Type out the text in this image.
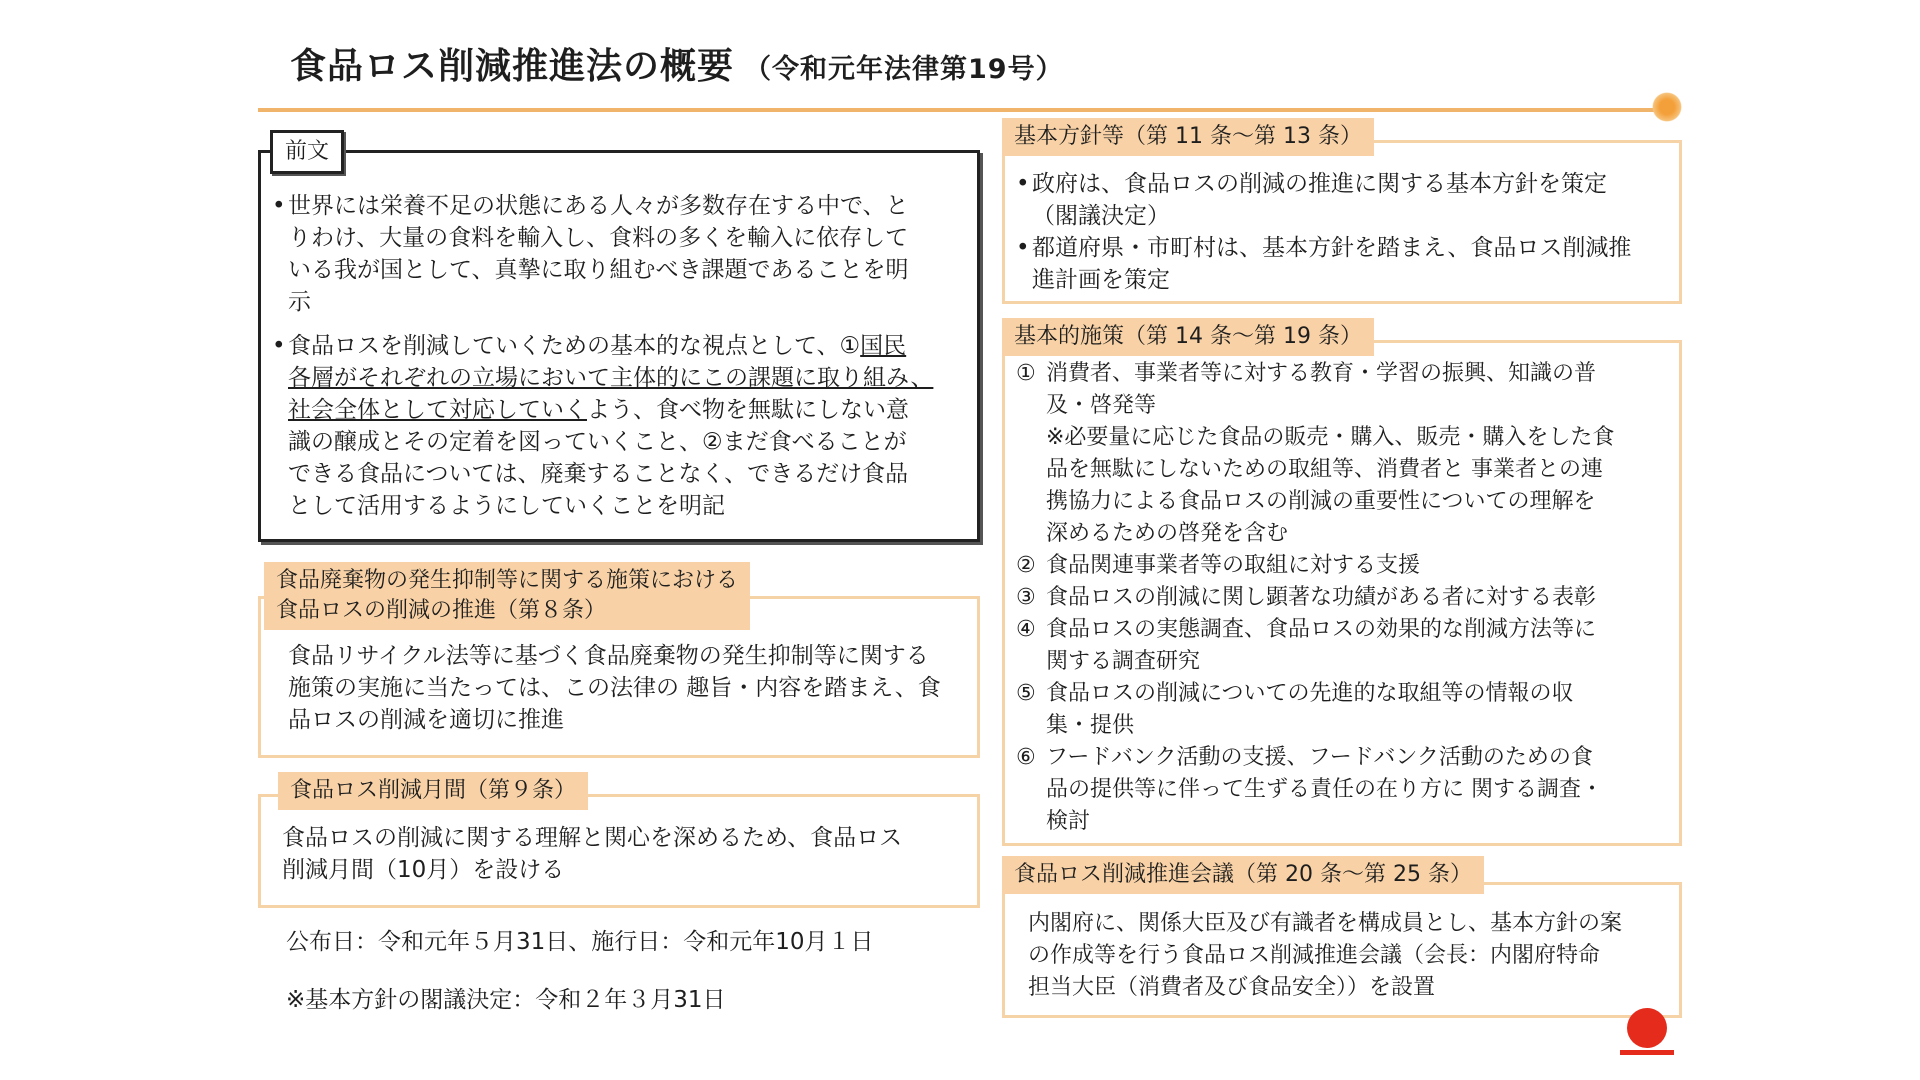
食品ロス削減推進法の概要 （令和元年法律第19号）
前文
• 世界には栄養不足の状態にある人々が多数存在する中で、と
りわけ、大量の食料を輸入し、食料の多くを輸入に依存して
いる我が国として、真摯に取り組むべき課題であることを明
示
• 食品ロスを削減していくための基本的な視点として、①国民
各層がそれぞれの立場において主体的にこの課題に取り組み、
社会全体として対応していくよう、食べ物を無駄にしない意
識の醸成とその定着を図っていくこと、②まだ食べることが
できる食品については、廃棄することなく、できるだけ食品
として活用するようにしていくことを明記
食品廃棄物の発生抑制等に関する施策における
食品ロスの削減の推進（第８条）
食品リサイクル法等に基づく食品廃棄物の発生抑制等に関する
施策の実施に当たっては、この法律の 趣旨・内容を踏まえ、食
品ロスの削減を適切に推進
食品ロス削減月間（第９条）
食品ロスの削減に関する理解と関心を深めるため、食品ロス
削減月間（10月）を設ける
公布日：令和元年５月31日、施行日：令和元年10月１日
※基本方針の閣議決定：令和２年３月31日
基本方針等（第 11 条～第 13 条）
• 政府は、食品ロスの削減の推進に関する基本方針を策定
（閣議決定）
• 都道府県・市町村は、基本方針を踏まえ、食品ロス削減推
進計画を策定
基本的施策（第 14 条～第 19 条）
① 消費者、事業者等に対する教育・学習の振興、知識の普
及・啓発等
※必要量に応じた食品の販売・購入、販売・購入をした食
品を無駄にしないための取組等、消費者と 事業者との連
携協力による食品ロスの削減の重要性についての理解を
深めるための啓発を含む
② 食品関連事業者等の取組に対する支援
③ 食品ロスの削減に関し顕著な功績がある者に対する表彰
④ 食品ロスの実態調査、食品ロスの効果的な削減方法等に
関する調査研究
⑤ 食品ロスの削減についての先進的な取組等の情報の収
集・提供
⑥ フードバンク活動の支援、フードバンク活動のための食
品の提供等に伴って生ずる責任の在り方に 関する調査・
検討
食品ロス削減推進会議（第 20 条～第 25 条）
内閣府に、関係大臣及び有識者を構成員とし、基本方針の案
の作成等を行う食品ロス削減推進会議（会長：内閣府特命
担当大臣（消費者及び食品安全））を設置
